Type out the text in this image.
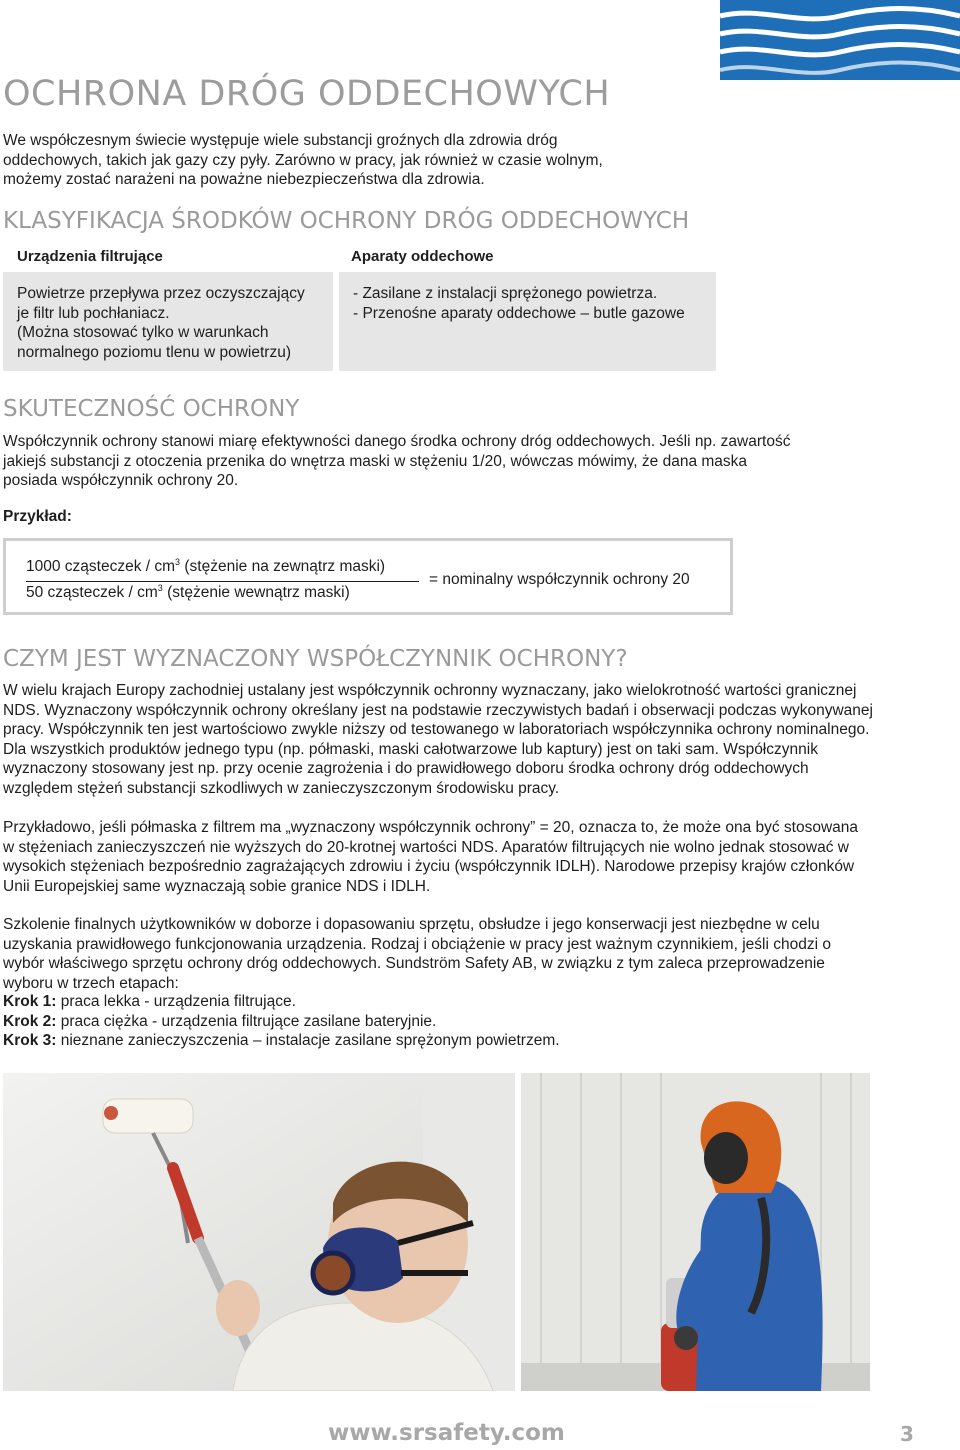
OCHRONA DRÓG ODDECHOWYCH
We współczesnym świecie występuje wiele substancji groźnych dla zdrowia dróg oddechowych, takich jak gazy czy pyły. Zarówno w pracy, jak również w czasie wolnym, możemy zostać narażeni na poważne niebezpieczeństwa dla zdrowia.
KLASYFIKACJA ŚRODKÓW OCHRONY DRÓG ODDECHOWYCH
Urządzenia filtrujące	Aparaty oddechowe
Powietrze przepływa przez oczyszczający
je filtr lub pochłaniacz.
(Można stosować tylko w warunkach
normalnego poziomu tlenu w powietrzu)
- Zasilane z instalacji sprężonego powietrza.
- Przenośne aparaty oddechowe – butle gazowe
SKUTECZNOŚĆ OCHRONY
Współczynnik ochrony stanowi miarę efektywności danego środka ochrony dróg oddechowych. Jeśli np. zawartość jakiejś substancji z otoczenia przenika do wnętrza maski w stężeniu 1/20, wówczas mówimy, że dana maska posiada współczynnik ochrony 20.
Przykład:
1000 cząsteczek / $cm^3$ (stężenie na zewnątrz maski)
50 cząsteczek / $cm^3$ (stężenie wewnątrz maski)
= nominalny współczynnik ochrony 20
CZYM JEST WYZNACZONY WSPÓŁCZYNNIK OCHRONY?
W wielu krajach Europy zachodniej ustalany jest współczynnik ochronny wyznaczany, jako wielokrotność wartości granicznej NDS. Wyznaczony współczynnik ochrony określany jest na podstawie rzeczywistych badań i obserwacji podczas wykonywanej pracy. Współczynnik ten jest wartościowo zwykle niższy od testowanego w laboratoriach współczynnika ochrony nominalnego. Dla wszystkich produktów jednego typu (np. półmaski, maski całotwarzowe lub kaptury) jest on taki sam. Współczynnik wyznaczony stosowany jest np. przy ocenie zagrożenia i do prawidłowego doboru środka ochrony dróg oddechowych względem stężeń substancji szkodliwych w zanieczyszczonym środowisku pracy.
Przykładowo, jeśli półmaska z filtrem ma „wyznaczony współczynnik ochrony” = 20, oznacza to, że może ona być stosowana w stężeniach zanieczyszczeń nie wyższych do 20-krotnej wartości NDS. Aparatów filtrujących nie wolno jednak stosować w wysokich stężeniach bezpośrednio zagrażających zdrowiu i życiu (współczynnik IDLH). Narodowe przepisy krajów członków Unii Europejskiej same wyznaczają sobie granice NDS i IDLH.
Szkolenie finalnych użytkowników w doborze i dopasowaniu sprzętu, obsłudze i jego konserwacji jest niezbędne w celu uzyskania prawidłowego funkcjonowania urządzenia. Rodzaj i obciążenie w pracy jest ważnym czynnikiem, jeśli chodzi o wybór właściwego sprzętu ochrony dróg oddechowych. Sundström Safety AB, w związku z tym zaleca przeprowadzenie wyboru w trzech etapach:
Krok 1: praca lekka - urządzenia filtrujące.
Krok 2: praca ciężka - urządzenia filtrujące zasilane bateryjnie.
Krok 3: nieznane zanieczyszczenia – instalacje zasilane sprężonym powietrzem.
www.srsafety.com	3
